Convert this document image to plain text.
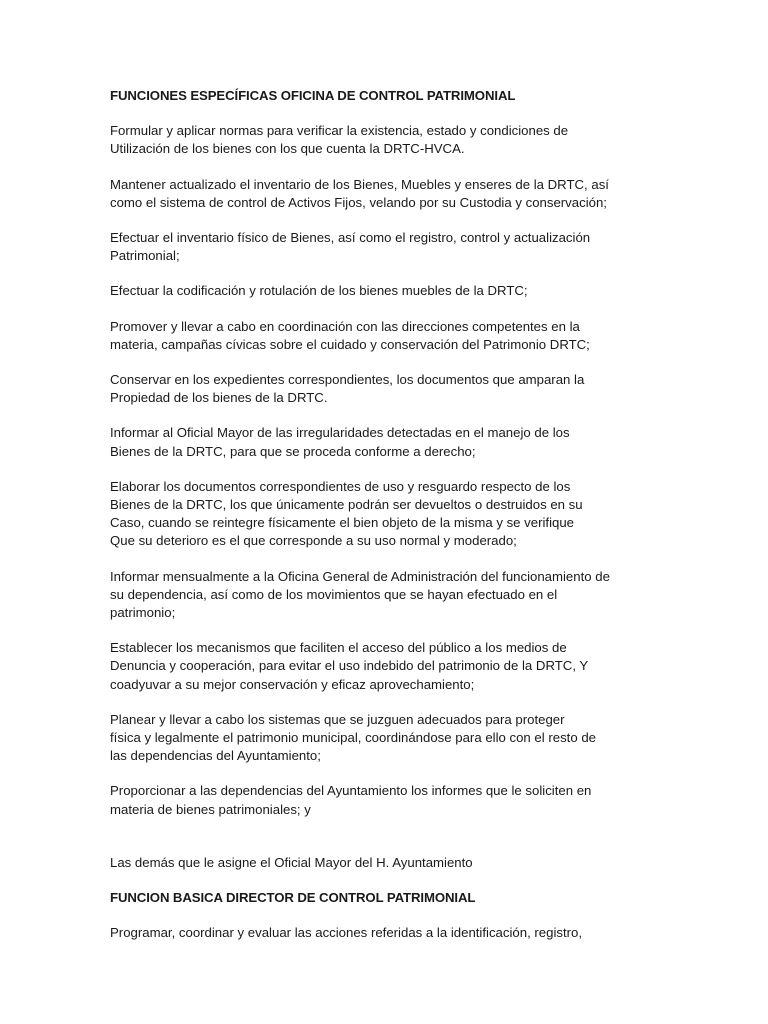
FUNCIONES ESPECÍFICAS OFICINA DE CONTROL PATRIMONIAL
Formular y aplicar normas para verificar la existencia, estado y condiciones de
Utilización de los bienes con los que cuenta la DRTC-HVCA.
Mantener actualizado el inventario de los Bienes, Muebles y enseres de la DRTC, así
como el sistema de control de Activos Fijos, velando por su Custodia y conservación;
Efectuar el inventario físico de Bienes, así como el registro, control y actualización
Patrimonial;
Efectuar la codificación y rotulación de los bienes muebles de la DRTC;
Promover y llevar a cabo en coordinación con las direcciones competentes en la
materia, campañas cívicas sobre el cuidado y conservación del Patrimonio DRTC;
Conservar en los expedientes correspondientes, los documentos que amparan la
Propiedad de los bienes de la DRTC.
Informar al Oficial Mayor de las irregularidades detectadas en el manejo de los
Bienes de la DRTC, para que se proceda conforme a derecho;
Elaborar los documentos correspondientes de uso y resguardo respecto de los
Bienes de la DRTC, los que únicamente podrán ser devueltos o destruidos en su
Caso, cuando se reintegre físicamente el bien objeto de la misma y se verifique
Que su deterioro es el que corresponde a su uso normal y moderado;
Informar mensualmente a la Oficina General de Administración del funcionamiento de
su dependencia, así como de los movimientos que se hayan efectuado en el
patrimonio;
Establecer los mecanismos que faciliten el acceso del público a los medios de
Denuncia y cooperación, para evitar el uso indebido del patrimonio de la DRTC, Y
coadyuvar a su mejor conservación y eficaz aprovechamiento;
Planear y llevar a cabo los sistemas que se juzguen adecuados para proteger
física y legalmente el patrimonio municipal, coordinándose para ello con el resto de
las dependencias del Ayuntamiento;
Proporcionar a las dependencias del Ayuntamiento los informes que le soliciten en
materia de bienes patrimoniales; y
Las demás que le asigne el Oficial Mayor del H. Ayuntamiento
FUNCION BASICA DIRECTOR DE CONTROL PATRIMONIAL
Programar, coordinar y evaluar las acciones referidas a la identificación, registro,
